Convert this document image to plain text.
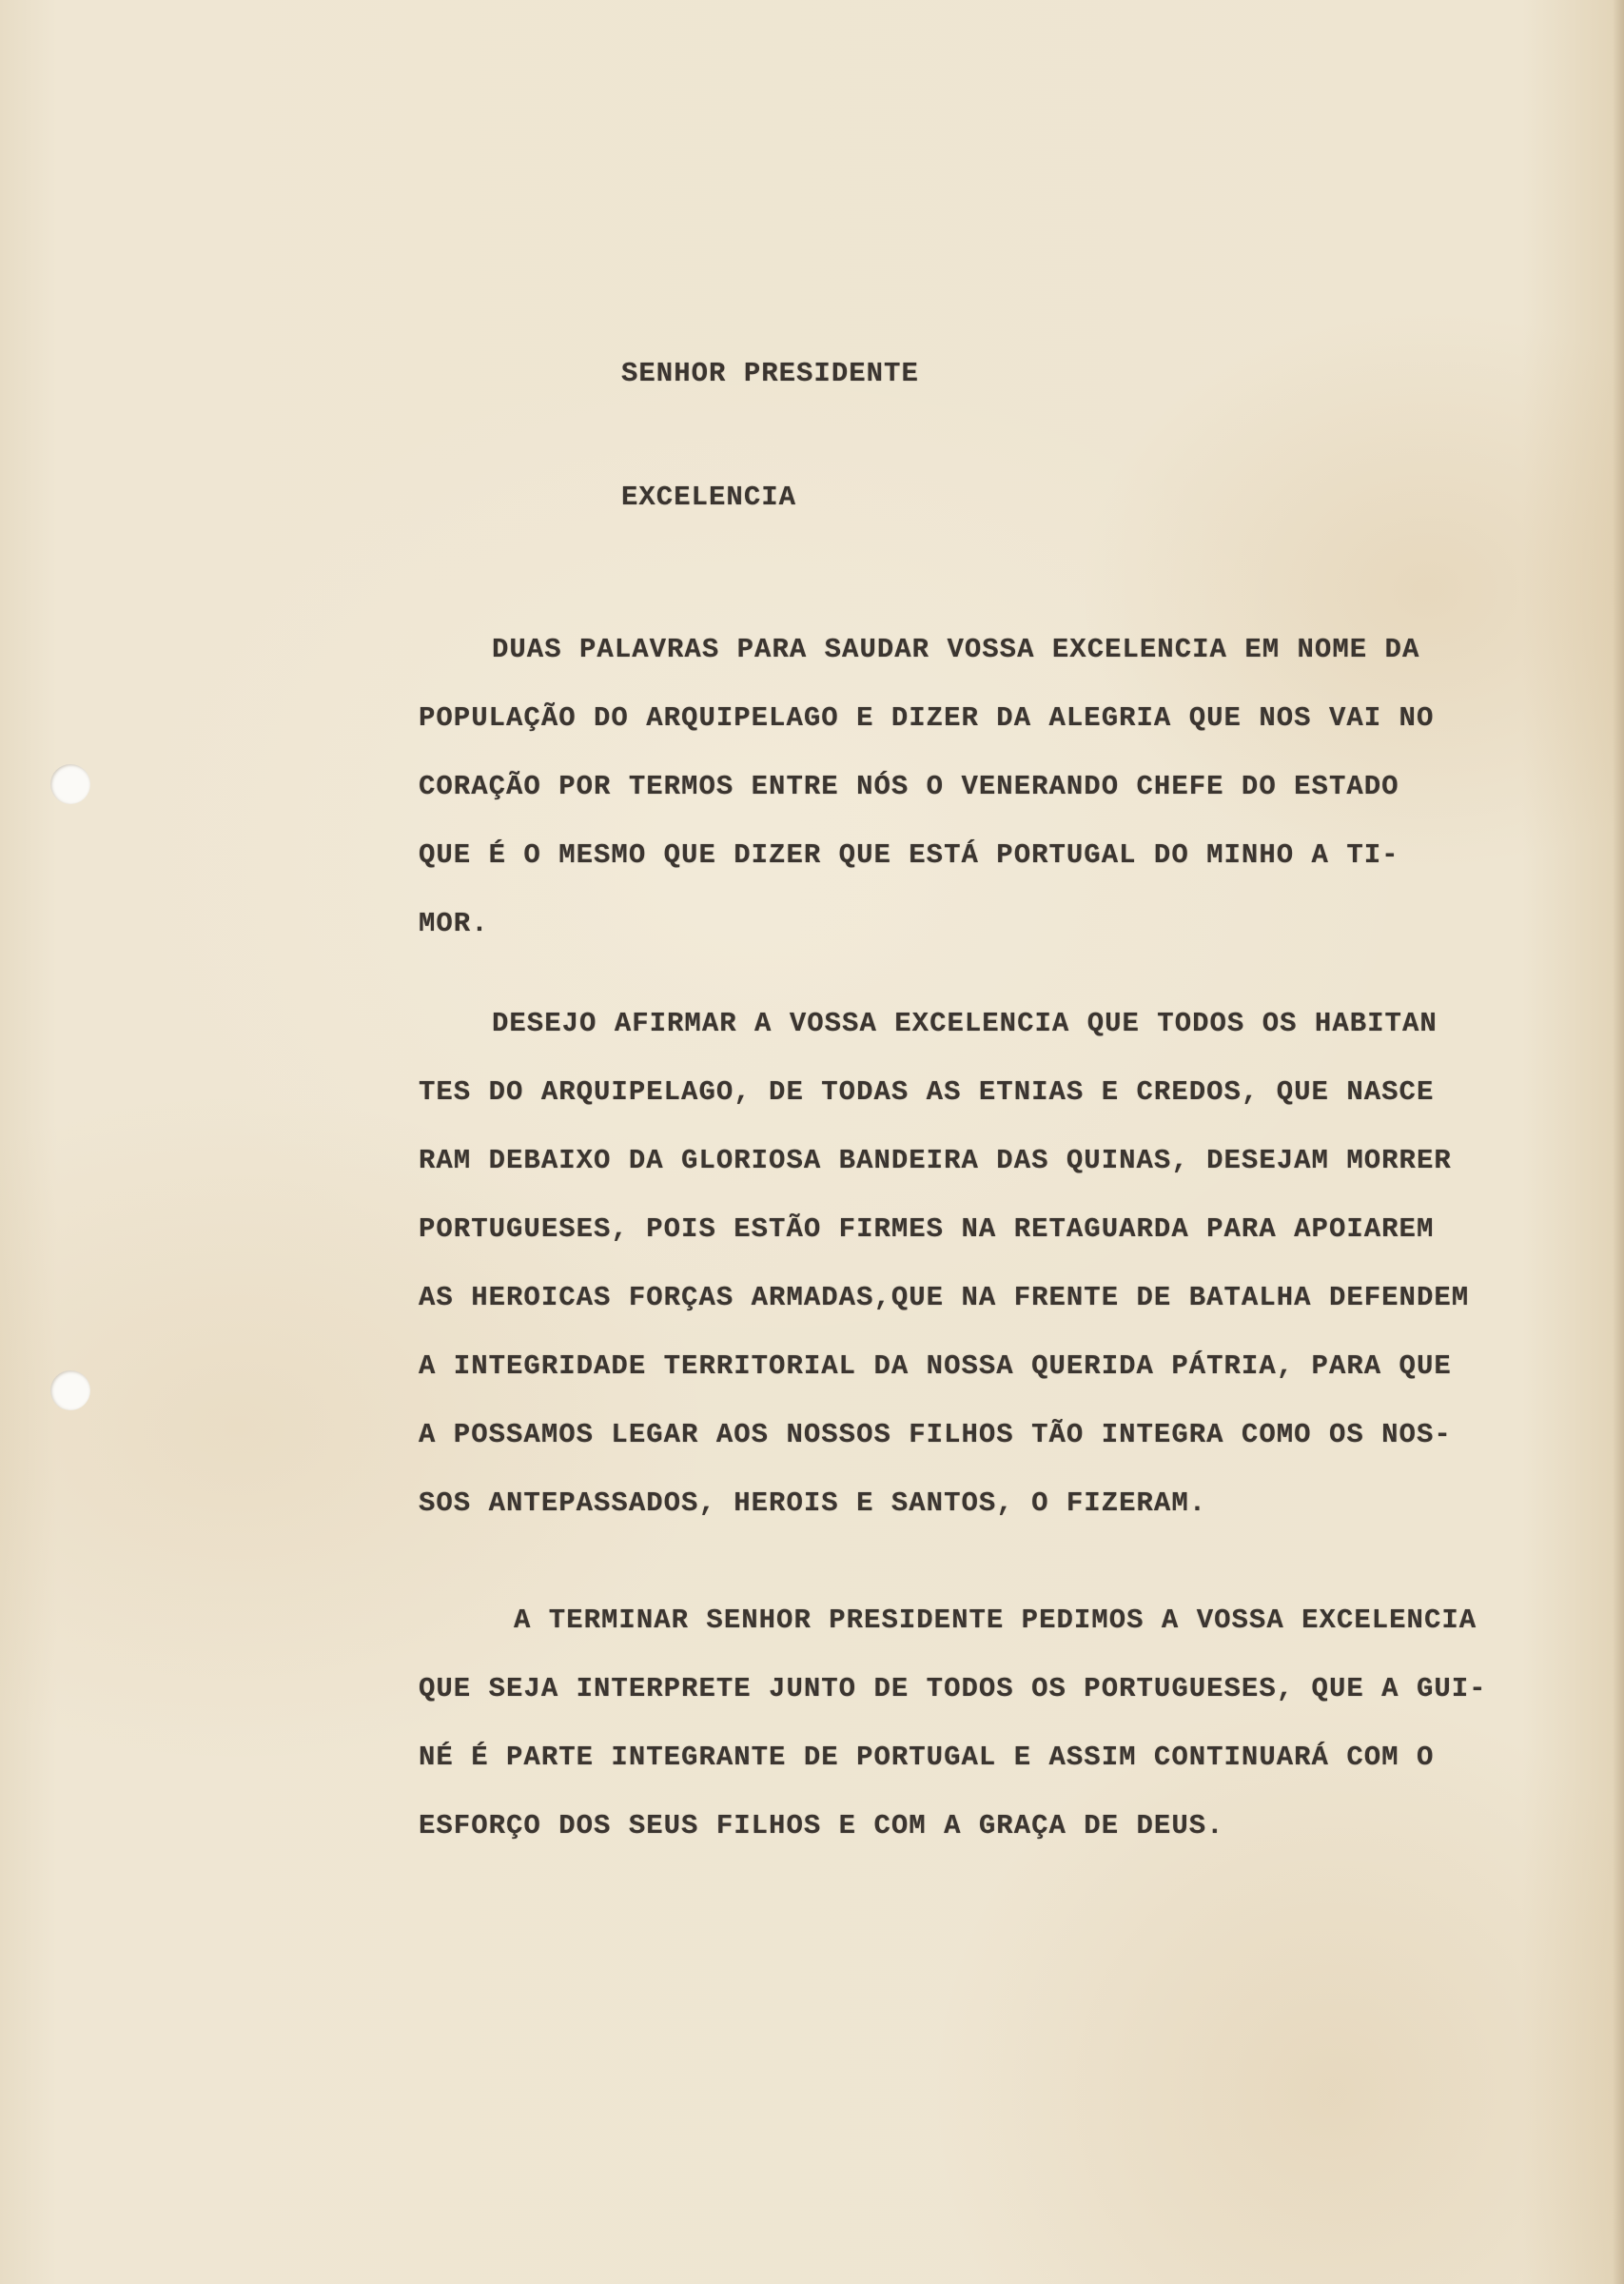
SENHOR PRESIDENTE
EXCELENCIA
DUAS PALAVRAS PARA SAUDAR VOSSA EXCELENCIA EM NOME DA
POPULAÇÃO DO ARQUIPELAGO E DIZER DA ALEGRIA QUE NOS VAI NO
CORAÇÃO POR TERMOS ENTRE NÓS O VENERANDO CHEFE DO ESTADO
QUE É O MESMO QUE DIZER QUE ESTÁ PORTUGAL DO MINHO A TI-
MOR.
DESEJO AFIRMAR A VOSSA EXCELENCIA QUE TODOS OS HABITAN
TES DO ARQUIPELAGO, DE TODAS AS ETNIAS E CREDOS, QUE NASCE
RAM DEBAIXO DA GLORIOSA BANDEIRA DAS QUINAS, DESEJAM MORRER
PORTUGUESES, POIS ESTÃO FIRMES NA RETAGUARDA PARA APOIAREM
AS HEROICAS FORÇAS ARMADAS,QUE NA FRENTE DE BATALHA DEFENDEM
A INTEGRIDADE TERRITORIAL DA NOSSA QUERIDA PÁTRIA, PARA QUE
A POSSAMOS LEGAR AOS NOSSOS FILHOS TÃO INTEGRA COMO OS NOS-
SOS ANTEPASSADOS, HEROIS E SANTOS, O FIZERAM.
A TERMINAR SENHOR PRESIDENTE PEDIMOS A VOSSA EXCELENCIA
QUE SEJA INTERPRETE JUNTO DE TODOS OS PORTUGUESES, QUE A GUI-
NÉ É PARTE INTEGRANTE DE PORTUGAL E ASSIM CONTINUARÁ COM O
ESFORÇO DOS SEUS FILHOS E COM A GRAÇA DE DEUS.
